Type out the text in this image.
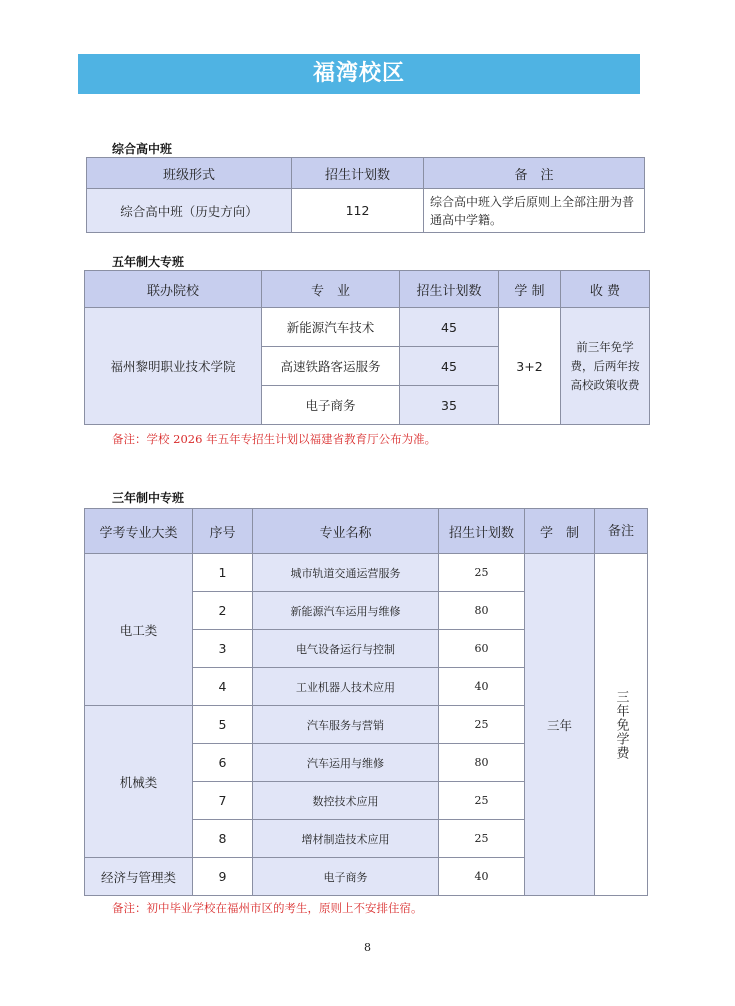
福湾校区
综合高中班
班级形式	招生计划数	备　注
综合高中班（历史方向）	112	综合高中班入学后原则上全部注册为普通高中学籍。
五年制大专班
联办院校	专　业	招生计划数	学 制	收 费
福州黎明职业技术学院	新能源汽车技术	45	3+2	前三年免学费，后两年按高校政策收费
	高速铁路客运服务	45		
	电子商务	35		
备注：学校 2026 年五年专招生计划以福建省教育厅公布为准。
三年制中专班
学考专业大类	序号	专业名称	招生计划数	学　制	备注

电工类	1	城市轨道交通运营服务	25	三年	三年免学费

	2	新能源汽车运用与维修	80		
	3	电气设备运行与控制	60		
	4	工业机器人技术应用	40		
机械类	5	汽车服务与营销	25		
	6	汽车运用与维修	80		
	7	数控技术应用	25		
	8	增材制造技术应用	25		
经济与管理类	9	电子商务	40		
备注：初中毕业学校在福州市区的考生，原则上不安排住宿。
8
